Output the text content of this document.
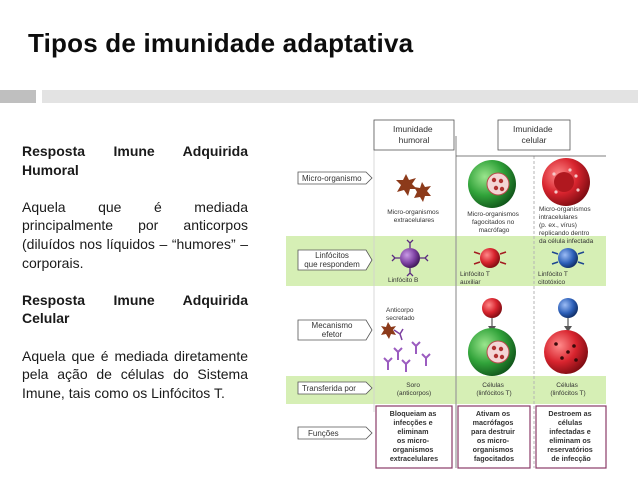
Tipos de imunidade adaptativa

Resposta Imune Adquirida Humoral

Aquela que é mediada principalmente por anticorpos (diluídos nos líquidos – “humores” – corporais.

Resposta Imune Adquirida Celular

Aquela que é mediada diretamente pela ação de células do Sistema Imune, tais como os Linfócitos T.

Imunidade humoral
Imunidade celular
Micro-organismo
Linfócitos que respondem
Mecanismo efetor
Transferida por
Funções
Micro-organismos extracelulares
Micro-organismos fagocitados no macrófago
Micro-organismos intracelulares (p. ex., vírus) replicando dentro da célula infectada
Linfócito B
Linfócito T auxiliar
Linfócito T citotóxico
Anticorpo secretado
Soro (anticorpos)
Células (linfócitos T)
Células (linfócitos T)
Bloqueiam as infecções e eliminam os micro- organismos extracelulares
Ativam os macrófagos para destruir os micro- organismos fagocitados
Destroem as células infectadas e eliminam os reservatórios de infecção
